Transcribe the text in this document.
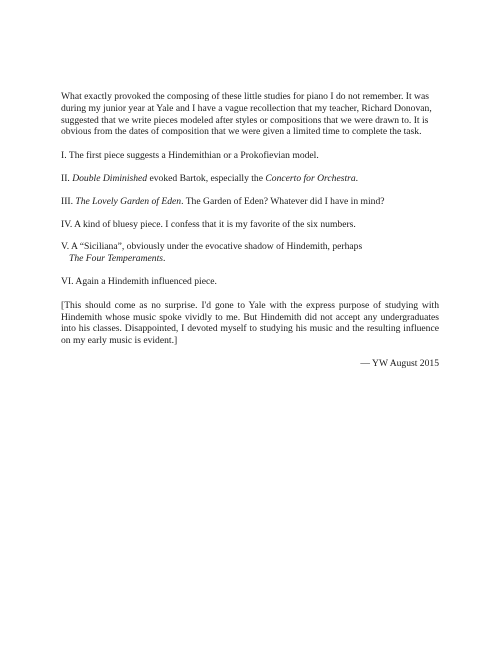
What exactly provoked the composing of these little studies for piano I do not remember. It was during my junior year at Yale and I have a vague recollection that my teacher, Richard Donovan, suggested that we write pieces modeled after styles or compositions that we were drawn to. It is obvious from the dates of composition that we were given a limited time to complete the task.

I. The first piece suggests a Hindemithian or a Prokofievian model.

II. Double Diminished evoked Bartok, especially the Concerto for Orchestra.

III. The Lovely Garden of Eden. The Garden of Eden? Whatever did I have in mind?

IV. A kind of bluesy piece. I confess that it is my favorite of the six numbers.

V. A “Siciliana”, obviously under the evocative shadow of Hindemith, perhaps
The Four Temperaments.

VI. Again a Hindemith influenced piece.

[This should come as no surprise. I'd gone to Yale with the express purpose of studying with Hindemith whose music spoke vividly to me. But Hindemith did not accept any undergraduates into his classes. Disappointed, I devoted myself to studying his music and the resulting influence on my early music is evident.]

— YW August 2015
